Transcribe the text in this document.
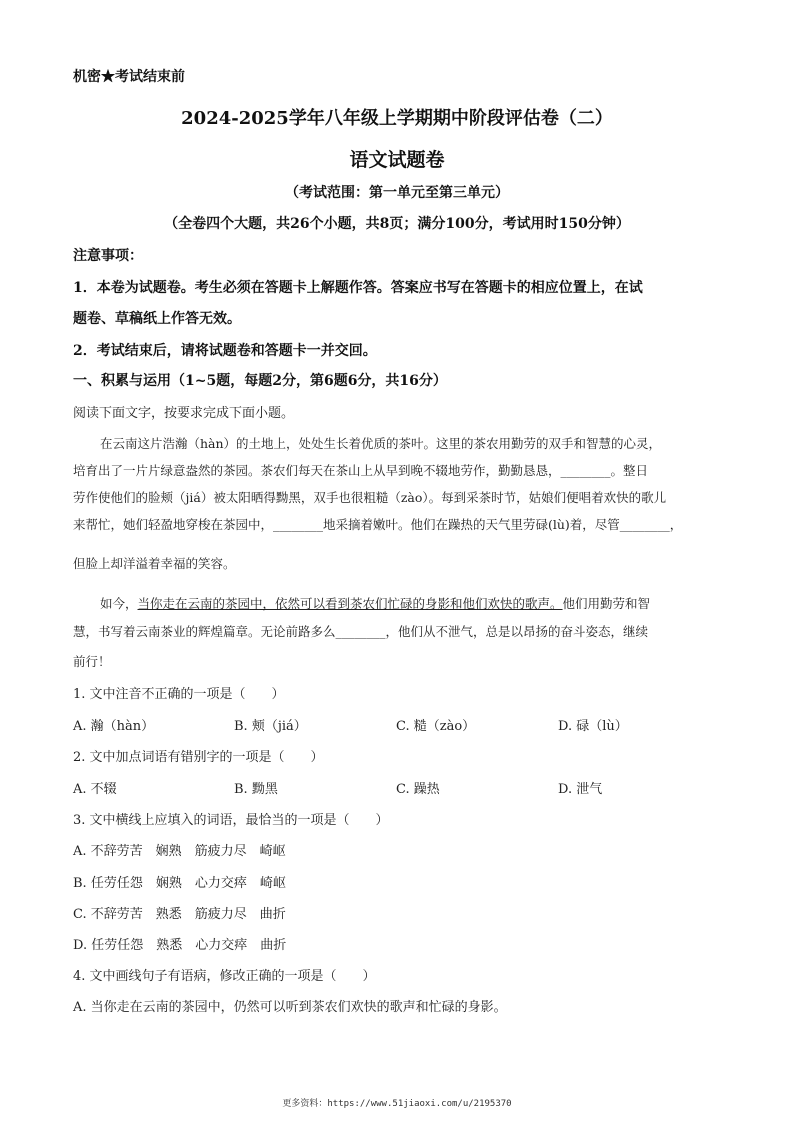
机密★考试结束前
2024-2025学年八年级上学期期中阶段评估卷（二）
语文试题卷
（考试范围：第一单元至第三单元）
（全卷四个大题，共26个小题，共8页；满分100分，考试用时150分钟）
注意事项：
1．本卷为试题卷。考生必须在答题卡上解题作答。答案应书写在答题卡的相应位置上，在试
题卷、草稿纸上作答无效。
2．考试结束后，请将试题卷和答题卡一并交回。
一、积累与运用（1~5题，每题2分，第6题6分，共16分）
阅读下面文字，按要求完成下面小题。
在云南这片浩瀚（hàn）的土地上，处处生长着优质的茶叶。这里的茶农用勤劳的双手和智慧的心灵，
培育出了一片片绿意盎然的茶园。茶农们每天在茶山上从早到晚不辍地劳作，勤勤恳恳，________。整日
劳作使他们的脸颊（jiá）被太阳晒得黝黑，双手也很粗糙（zào）。每到采茶时节，姑娘们便唱着欢快的歌儿
来帮忙，她们轻盈地穿梭在茶园中，________地采摘着嫩叶。他们在躁热的天气里劳碌(lù)着，尽管________，
但脸上却洋溢着幸福的笑容。
如今，当你走在云南的茶园中，依然可以看到茶农们忙碌的身影和他们欢快的歌声。他们用勤劳和智
慧，书写着云南茶业的辉煌篇章。无论前路多么________，他们从不泄气，总是以昂扬的奋斗姿态，继续
前行！
1. 文中注音不正确的一项是（　　）
A. 瀚（hàn）	B. 颊（jiá）	C. 糙（zào）	D. 碌（lù）
2. 文中加点词语有错别字的一项是（　　）
A. 不辍	B. 黝黑	C. 躁热	D. 泄气
3. 文中横线上应填入的词语，最恰当的一项是（　　）
A. 不辞劳苦　娴熟　筋疲力尽　崎岖
B. 任劳任怨　娴熟　心力交瘁　崎岖
C. 不辞劳苦　熟悉　筋疲力尽　曲折
D. 任劳任怨　熟悉　心力交瘁　曲折
4. 文中画线句子有语病，修改正确的一项是（　　）
A. 当你走在云南的茶园中，仍然可以听到茶农们欢快的歌声和忙碌的身影。
更多资料：https://www.51jiaoxi.com/u/2195370
